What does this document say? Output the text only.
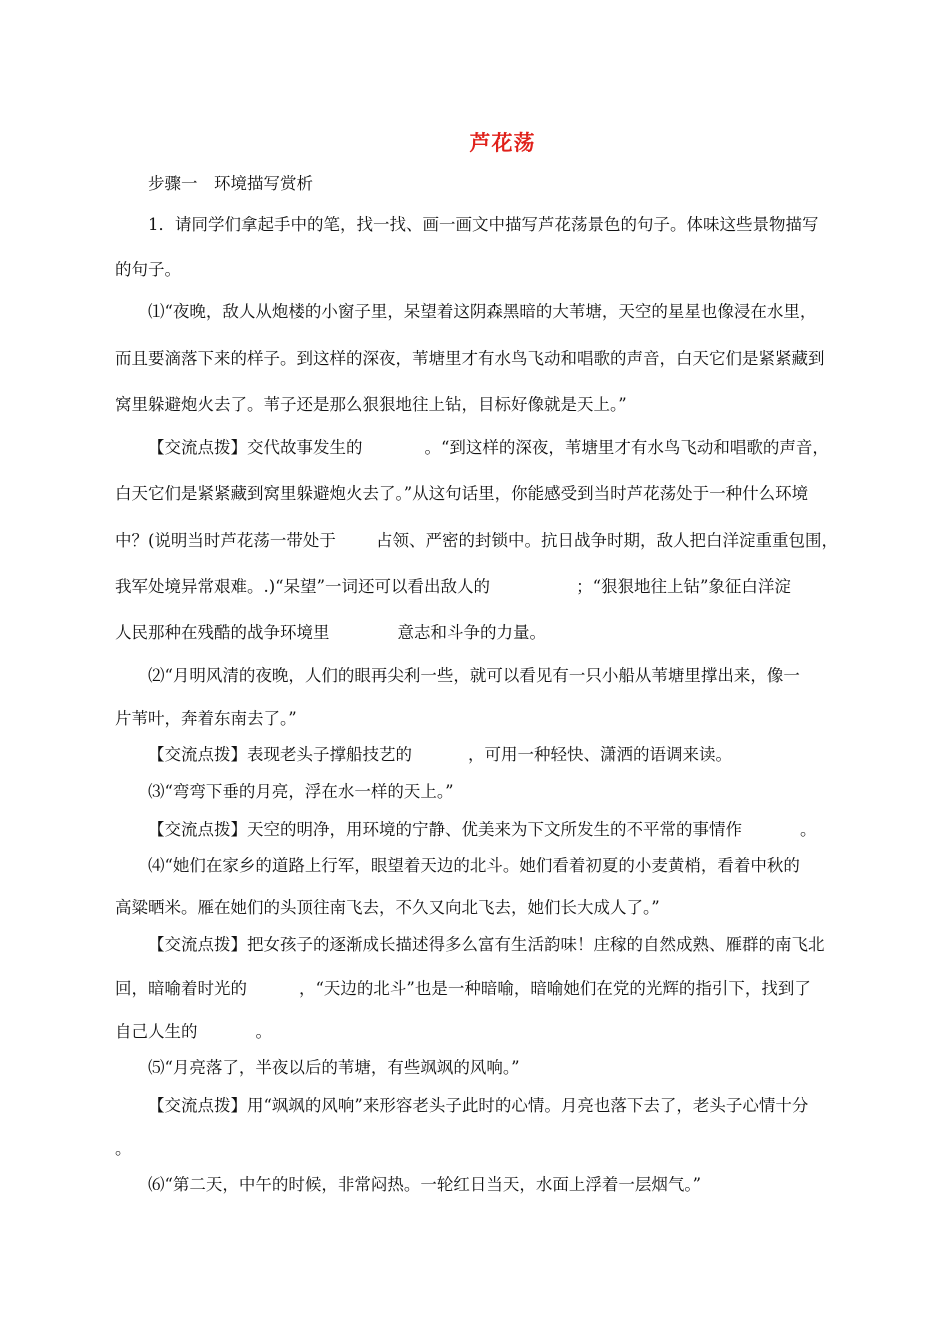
芦花荡
步骤一　环境描写赏析
1．请同学们拿起手中的笔，找一找、画一画文中描写芦花荡景色的句子。体味这些景物描写
的句子。
⑴“夜晚，敌人从炮楼的小窗子里，呆望着这阴森黑暗的大苇塘，天空的星星也像浸在水里，
而且要滴落下来的样子。到这样的深夜，苇塘里才有水鸟飞动和唱歌的声音，白天它们是紧紧藏到
窝里躲避炮火去了。苇子还是那么狠狠地往上钻，目标好像就是天上。”
【交流点拨】交代故事发生的	。“到这样的深夜，苇塘里才有水鸟飞动和唱歌的声音，
白天它们是紧紧藏到窝里躲避炮火去了。”从这句话里，你能感受到当时芦花荡处于一种什么环境
中？(说明当时芦花荡一带处于 占领、严密的封锁中。抗日战争时期，敌人把白洋淀重重包围，
我军处境异常艰难。.)“呆望”一词还可以看出敌人的	；“狠狠地往上钻”象征白洋淀
人民那种在残酷的战争环境里	意志和斗争的力量。
⑵“月明风清的夜晚，人们的眼再尖利一些，就可以看见有一只小船从苇塘里撑出来，像一
片苇叶，奔着东南去了。”
【交流点拨】表现老头子撑船技艺的	，可用一种轻快、潇洒的语调来读。
⑶“弯弯下垂的月亮，浮在水一样的天上。”
【交流点拨】天空的明净，用环境的宁静、优美来为下文所发生的不平常的事情作	。
⑷“她们在家乡的道路上行军，眼望着天边的北斗。她们看着初夏的小麦黄梢，看着中秋的
高粱晒米。雁在她们的头顶往南飞去，不久又向北飞去，她们长大成人了。”
【交流点拨】把女孩子的逐渐成长描述得多么富有生活韵味！庄稼的自然成熟、雁群的南飞北
回，暗喻着时光的	，“天边的北斗”也是一种暗喻，暗喻她们在党的光辉的指引下，找到了
自己人生的	。
⑸“月亮落了，半夜以后的苇塘，有些飒飒的风响。”
【交流点拨】用“飒飒的风响”来形容老头子此时的心情。月亮也落下去了，老头子心情十分
。
⑹“第二天，中午的时候，非常闷热。一轮红日当天，水面上浮着一层烟气。”
